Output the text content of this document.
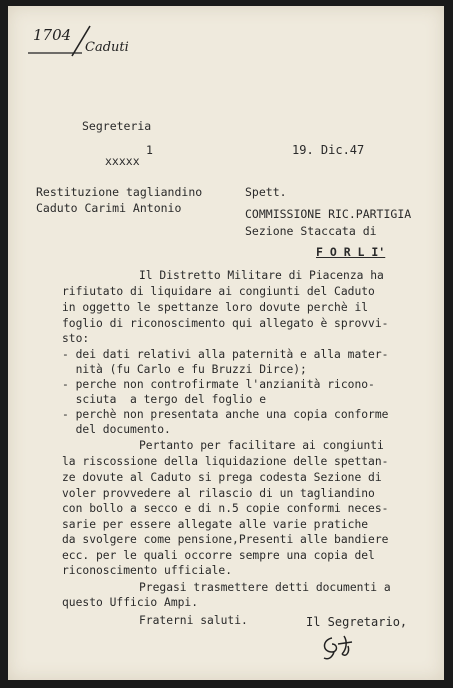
1704
Caduti
Segreteria
1
xxxxx
19. Dic.47
Restituzione tagliandino
Caduto Carimi Antonio
Spett.
COMMISSIONE RIC.PARTIGIA
Sezione Staccata di
F O R L I'
Il Distretto Militare di Piacenza ha
rifiutato di liquidare ai congiunti del Caduto
in oggetto le spettanze loro dovute perchè il
foglio di riconoscimento qui allegato è sprovvi-
sto:
- dei dati relativi alla paternità e alla mater-
nità (fu Carlo e fu Bruzzi Dirce);
- perche non controfirmate l'anzianità ricono-
sciuta  a tergo del foglio e
- perchè non presentata anche una copia conforme
del documento.
Pertanto per facilitare ai congiunti
la riscossione della liquidazione delle spettan-
ze dovute al Caduto si prega codesta Sezione di
voler provvedere al rilascio di un tagliandino
con bollo a secco e di n.5 copie conformi neces-
sarie per essere allegate alle varie pratiche
da svolgere come pensione,Presenti alle bandiere
ecc. per le quali occorre sempre una copia del
riconoscimento ufficiale.
Pregasi trasmettere detti documenti a
questo Ufficio Ampi.
Fraterni saluti.	Il Segretario,
